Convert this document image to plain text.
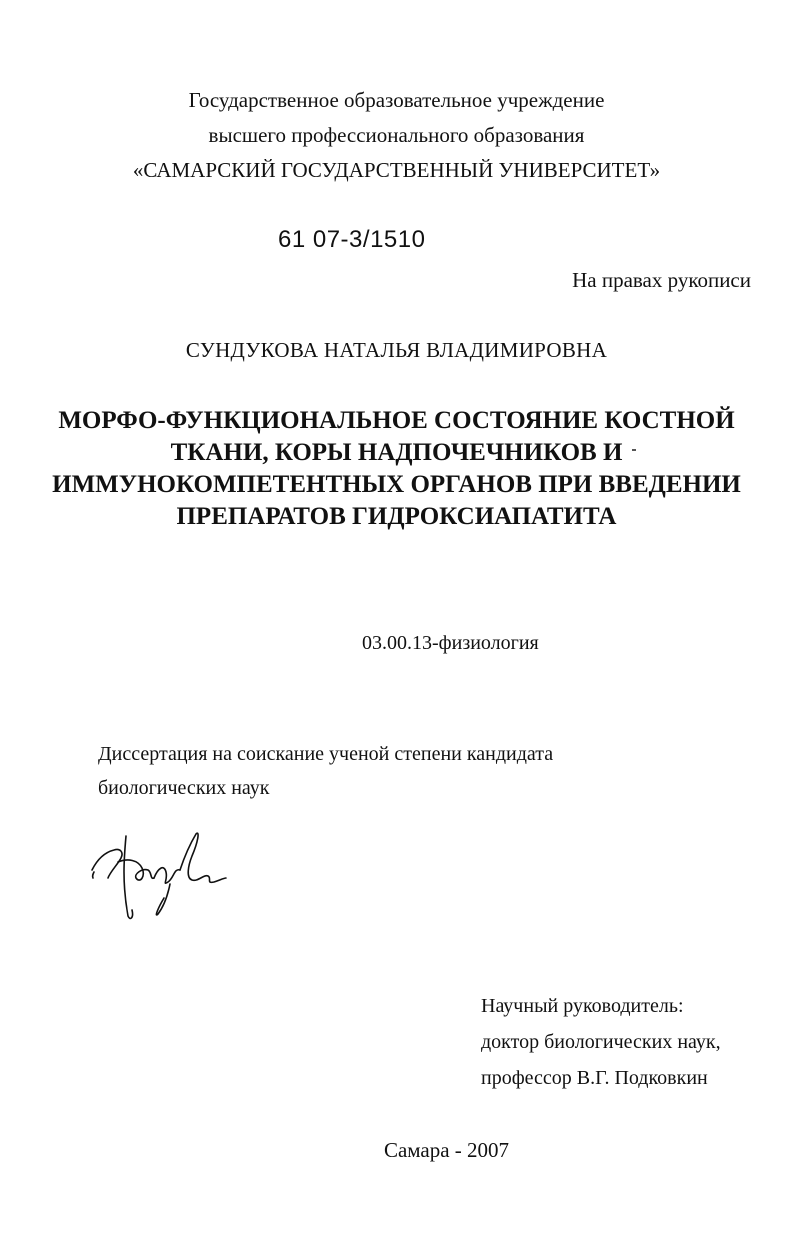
Государственное образовательное учреждение
высшего профессионального образования
«САМАРСКИЙ ГОСУДАРСТВЕННЫЙ УНИВЕРСИТЕТ»
61 07-3/1510
На правах рукописи
СУНДУКОВА НАТАЛЬЯ ВЛАДИМИРОВНА
МОРФО-ФУНКЦИОНАЛЬНОЕ СОСТОЯНИЕ КОСТНОЙ
ТКАНИ, КОРЫ НАДПОЧЕЧНИКОВ И
ИММУНОКОМПЕТЕНТНЫХ ОРГАНОВ ПРИ ВВЕДЕНИИ
ПРЕПАРАТОВ ГИДРОКСИАПАТИТА
03.00.13-физиология
Диссертация на соискание ученой степени кандидата
биологических наук
Научный руководитель:
доктор биологических наук,
профессор В.Г. Подковкин
Самара - 2007
